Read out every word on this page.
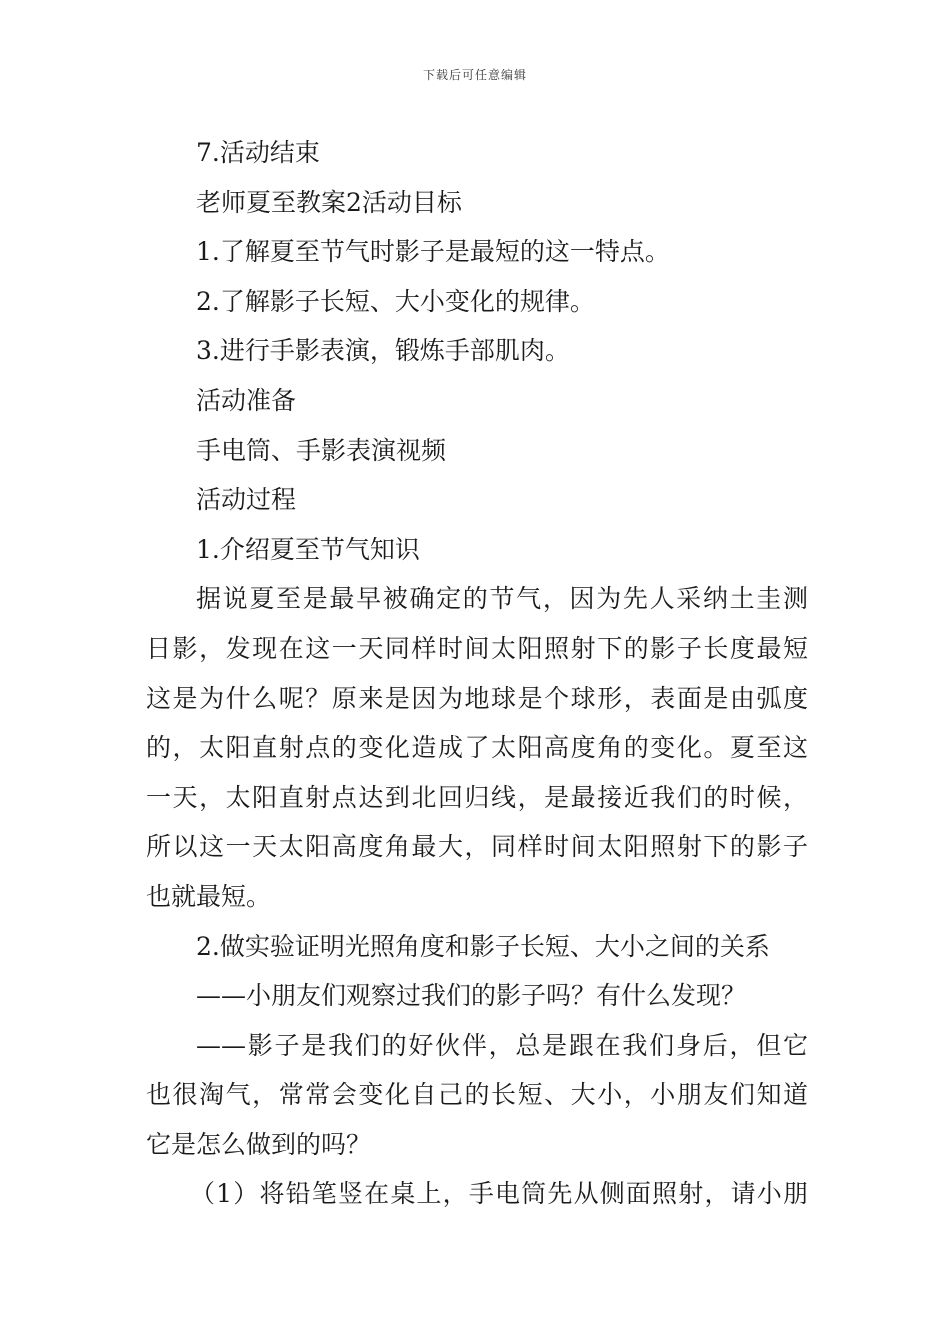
下载后可任意编辑
7.活动结束
老师夏至教案2活动目标
1.了解夏至节气时影子是最短的这一特点。
2.了解影子长短、大小变化的规律。
3.进行手影表演，锻炼手部肌肉。
活动准备
手电筒、手影表演视频
活动过程
1.介绍夏至节气知识
据说夏至是最早被确定的节气，因为先人采纳土圭测
日影，发现在这一天同样时间太阳照射下的影子长度最短
这是为什么呢？原来是因为地球是个球形，表面是由弧度
的，太阳直射点的变化造成了太阳高度角的变化。夏至这
一天，太阳直射点达到北回归线，是最接近我们的时候，
所以这一天太阳高度角最大，同样时间太阳照射下的影子
也就最短。
2.做实验证明光照角度和影子长短、大小之间的关系
——小朋友们观察过我们的影子吗？有什么发现？
——影子是我们的好伙伴，总是跟在我们身后，但它
也很淘气，常常会变化自己的长短、大小，小朋友们知道
它是怎么做到的吗？
（1）将铅笔竖在桌上，手电筒先从侧面照射，请小朋
